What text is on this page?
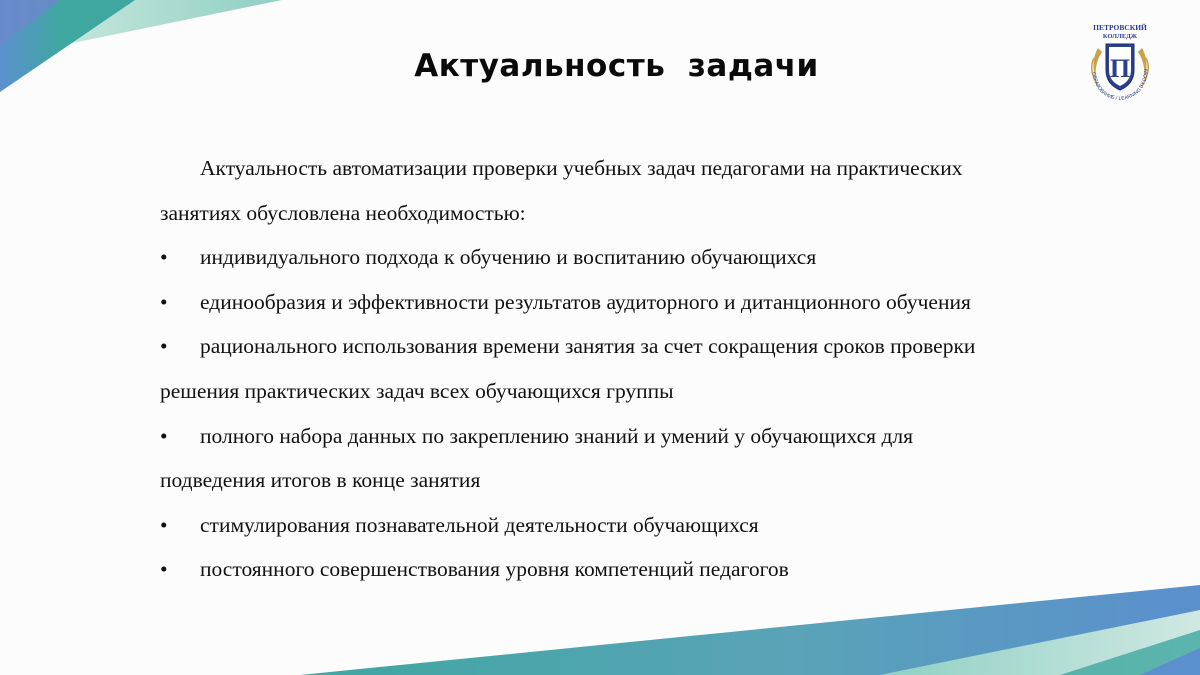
Актуальность  задачи
ПЕТРОВСКИЙ
КОЛЛЕДЖ
П
ОБРАЗОВАНИЕ / LEARNING BY DOIN
Актуальность автоматизации проверки учебных задач педагогами на практических
занятиях обусловлена необходимостью:
• индивидуального подхода к обучению и воспитанию обучающихся
• единообразия и эффективности результатов аудиторного и дитанционного обучения
• рационального использования времени занятия за счет сокращения сроков проверки
решения практических задач всех обучающихся группы
• полного набора данных по закреплению знаний и умений у обучающихся для
подведения итогов в конце занятия
• стимулирования познавательной деятельности обучающихся
• постоянного совершенствования уровня компетенций педагогов
